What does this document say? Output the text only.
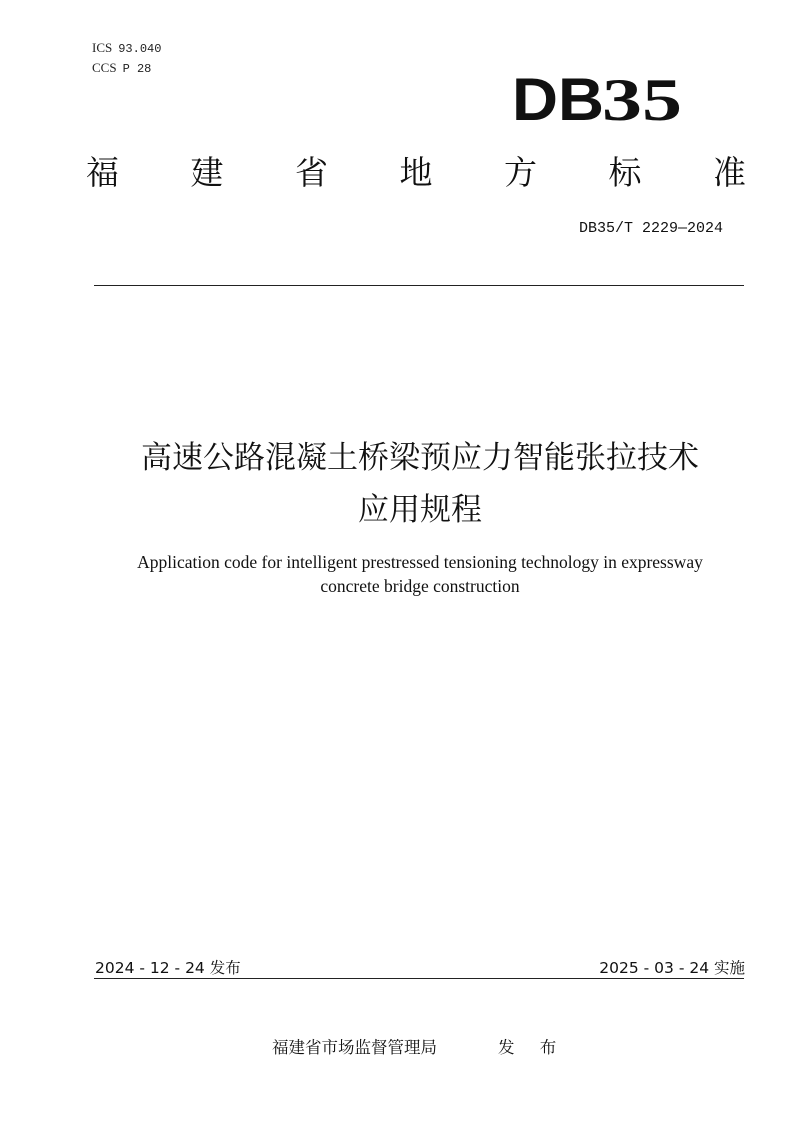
ICS 93.040
CCS P 28	DB
35
福 建 省 地 方 标 准
DB35/T 2229—2024
高速公路混凝土桥梁预应力智能张拉技术
应用规程
Application code for intelligent prestressed tensioning technology in expressway
concrete bridge construction
2024 - 12 - 24 发布	2025 - 03 - 24 实施
福建省市场监督管理局	发 布
